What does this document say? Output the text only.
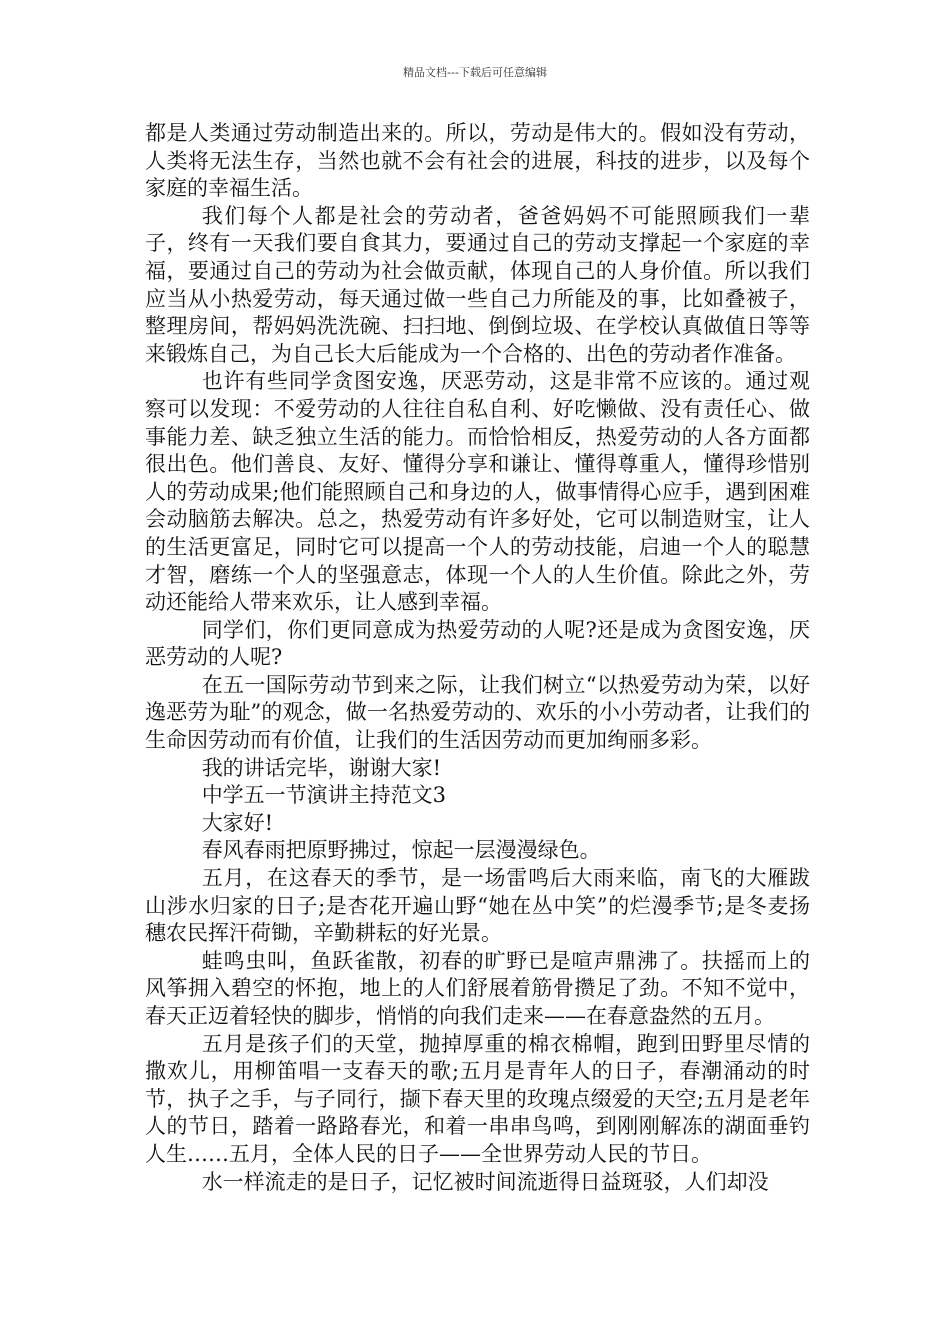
精品文档---下载后可任意编辑

都是人类通过劳动制造出来的。所以，劳动是伟大的。假如没有劳动，人类将无法生存，当然也就不会有社会的进展，科技的进步，以及每个家庭的幸福生活。

我们每个人都是社会的劳动者，爸爸妈妈不可能照顾我们一辈子，终有一天我们要自食其力，要通过自己的劳动支撑起一个家庭的幸福，要通过自己的劳动为社会做贡献，体现自己的人身价值。所以我们应当从小热爱劳动，每天通过做一些自己力所能及的事，比如叠被子，整理房间，帮妈妈洗洗碗、扫扫地、倒倒垃圾、在学校认真做值日等等来锻炼自己，为自己长大后能成为一个合格的、出色的劳动者作准备。

也许有些同学贪图安逸，厌恶劳动，这是非常不应该的。通过观察可以发现：不爱劳动的人往往自私自利、好吃懒做、没有责任心、做事能力差、缺乏独立生活的能力。而恰恰相反，热爱劳动的人各方面都很出色。他们善良、友好、懂得分享和谦让、懂得尊重人，懂得珍惜别人的劳动成果;他们能照顾自己和身边的人，做事情得心应手，遇到困难会动脑筋去解决。总之，热爱劳动有许多好处，它可以制造财宝，让人的生活更富足，同时它可以提高一个人的劳动技能，启迪一个人的聪慧才智，磨练一个人的坚强意志，体现一个人的人生价值。除此之外，劳动还能给人带来欢乐，让人感到幸福。

同学们，你们更同意成为热爱劳动的人呢?还是成为贪图安逸，厌恶劳动的人呢?

在五一国际劳动节到来之际，让我们树立“以热爱劳动为荣，以好逸恶劳为耻”的观念，做一名热爱劳动的、欢乐的小小劳动者，让我们的生命因劳动而有价值，让我们的生活因劳动而更加绚丽多彩。

我的讲话完毕，谢谢大家!

中学五一节演讲主持范文3

大家好!

春风春雨把原野拂过，惊起一层漫漫绿色。

五月，在这春天的季节，是一场雷鸣后大雨来临，南飞的大雁跋山涉水归家的日子;是杏花开遍山野“她在丛中笑”的烂漫季节;是冬麦扬穗农民挥汗荷锄，辛勤耕耘的好光景。

蛙鸣虫叫，鱼跃雀散，初春的旷野已是喧声鼎沸了。扶摇而上的风筝拥入碧空的怀抱，地上的人们舒展着筋骨攒足了劲。不知不觉中，春天正迈着轻快的脚步，悄悄的向我们走来——在春意盎然的五月。

五月是孩子们的天堂，抛掉厚重的棉衣棉帽，跑到田野里尽情的撒欢儿，用柳笛唱一支春天的歌;五月是青年人的日子，春潮涌动的时节，执子之手，与子同行，撷下春天里的玫瑰点缀爱的天空;五月是老年人的节日，踏着一路路春光，和着一串串鸟鸣，到刚刚解冻的湖面垂钓人生……五月，全体人民的日子——全世界劳动人民的节日。

水一样流走的是日子，记忆被时间流逝得日益斑驳，人们却没
